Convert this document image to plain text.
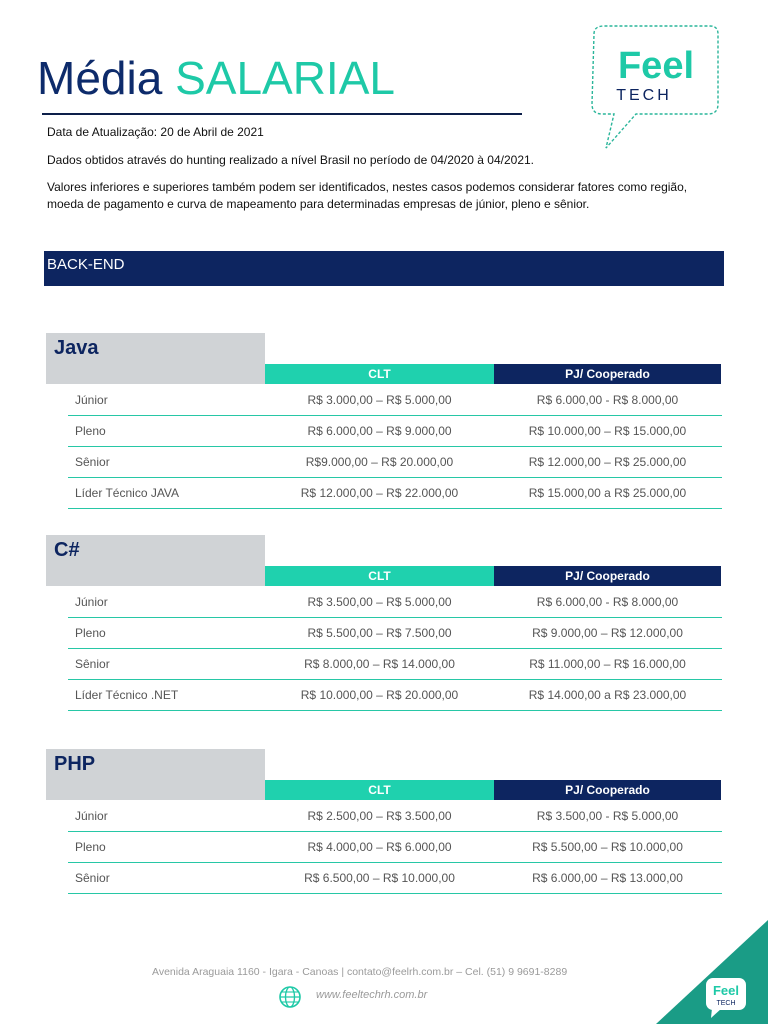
Média SALARIAL	Feel
TECH
Data de Atualização: 20 de Abril de 2021
Dados obtidos através do hunting realizado a nível Brasil no período de 04/2020 à 04/2021.
Valores inferiores e superiores também podem ser identificados, nestes casos podemos considerar fatores como região, moeda de pagamento e curva de mapeamento para determinadas empresas de júnior, pleno e sênior.
BACK-END
Java
CLT	PJ/ Cooperado
Júnior	R$ 3.000,00 – R$ 5.000,00	R$ 6.000,00 - R$ 8.000,00
Pleno	R$ 6.000,00 – R$ 9.000,00	R$ 10.000,00 – R$ 15.000,00
Sênior	R$9.000,00 – R$ 20.000,00	R$ 12.000,00 – R$ 25.000,00
Líder Técnico JAVA	R$ 12.000,00 – R$ 22.000,00	R$ 15.000,00 a R$ 25.000,00
C#
CLT	PJ/ Cooperado
Júnior	R$ 3.500,00 – R$ 5.000,00	R$ 6.000,00 - R$ 8.000,00
Pleno	R$ 5.500,00 – R$ 7.500,00	R$ 9.000,00 – R$ 12.000,00
Sênior	R$ 8.000,00 – R$ 14.000,00	R$ 11.000,00 – R$ 16.000,00
Líder Técnico .NET	R$ 10.000,00 – R$ 20.000,00	R$ 14.000,00 a R$ 23.000,00
PHP
CLT	PJ/ Cooperado
Júnior	R$ 2.500,00 – R$ 3.500,00	R$ 3.500,00 - R$ 5.000,00
Pleno	R$ 4.000,00 – R$ 6.000,00	R$ 5.500,00 – R$ 10.000,00
Sênior	R$ 6.500,00 – R$ 10.000,00	R$ 6.000,00 – R$ 13.000,00
Avenida Araguaia 1160 - Igara - Canoas | contato@feelrh.com.br – Cel. (51) 9 9691-8289
www.feeltechrh.com.br	Feel
TECH
